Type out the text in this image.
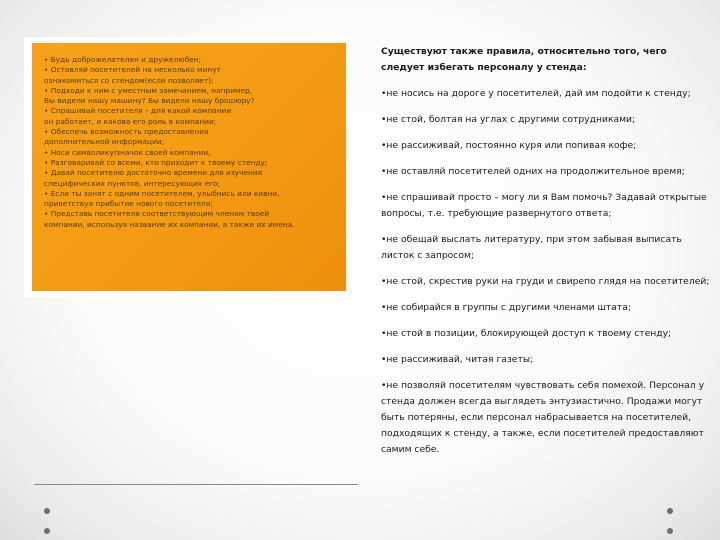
• Будь доброжелателен и дружелюбен;
• Оставляй посетителей на несколько минут
ознакомиться со стендом(если позволяет);
• Подходи к ним с уместным замечанием, например,
Вы видели нашу машину? Вы видели нашу брошюру?
• Спрашивай посетителя – для какой компании
он работает, и какова его роль в компании;
• Обеспечь возможность предоставления
дополнительной информации;
• Носи символику/значок своей компании;
• Разговаривай со всеми, кто приходит к твоему стенду;
• Давай посетителю достаточно времени для изучения
специфических пунктов, интересующих его;
• Если ты занят с одним посетителем, улыбнись или кивни,
приветствуя прибытие нового посетителя;
• Представь посетителя соответствующим членам твоей
компании, используя название их компании, а также их имена.

Существуют также правила, относительно того, чего следует избегать персоналу у стенда:

•не носись на дороге у посетителей, дай им подойти к стенду;
•не стой, болтая на углах с другими сотрудниками;
•не рассиживай, постоянно куря или попивая кофе;
•не оставляй посетителей одних на продолжительное время;
•не спрашивай просто – могу ли я Вам помочь? Задавай открытые вопросы, т.е. требующие развернутого ответа;
•не обещай выслать литературу, при этом забывая выписать листок с запросом;
•не стой, скрестив руки на груди и свирепо глядя на посетителей;
•не собирайся в группы с другими членами штата;
•не стой в позиции, блокирующей доступ к твоему стенду;
•не рассиживай, читая газеты;
•не позволяй посетителям чувствовать себя помехой. Персонал у стенда должен всегда выглядеть энтузиастично. Продажи могут быть потеряны, если персонал набрасывается на посетителей, подходящих к стенду, а также, если посетителей предоставляют самим себе.
